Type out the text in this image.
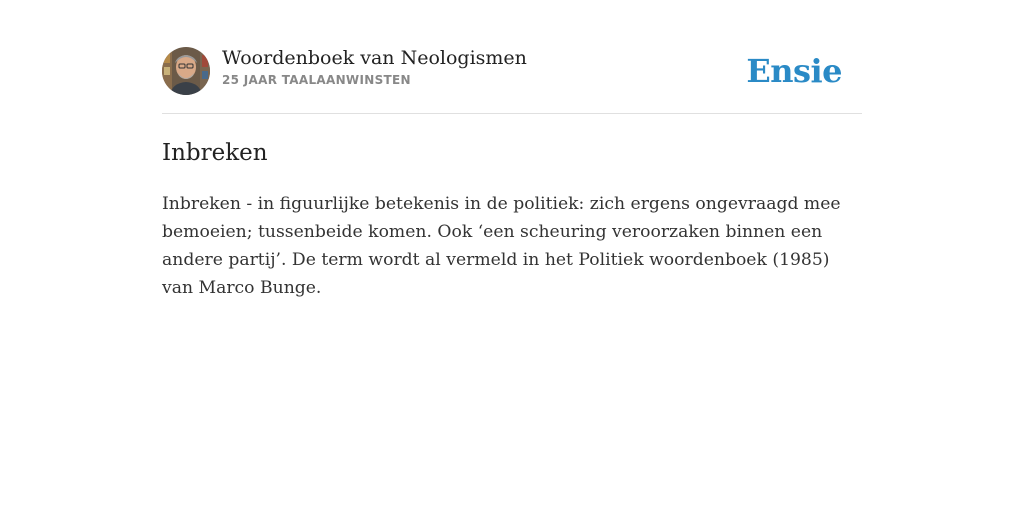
Woordenboek van Neologismen
25 JAAR TAALAANWINSTEN	Ensie
Inbreken

Inbreken - in figuurlijke betekenis in de politiek: zich ergens ongevraagd mee bemoeien; tussenbeide komen. Ook ‘een scheuring veroorzaken binnen een andere partij’. De term wordt al vermeld in het Politiek woordenboek (1985) van Marco Bunge.
